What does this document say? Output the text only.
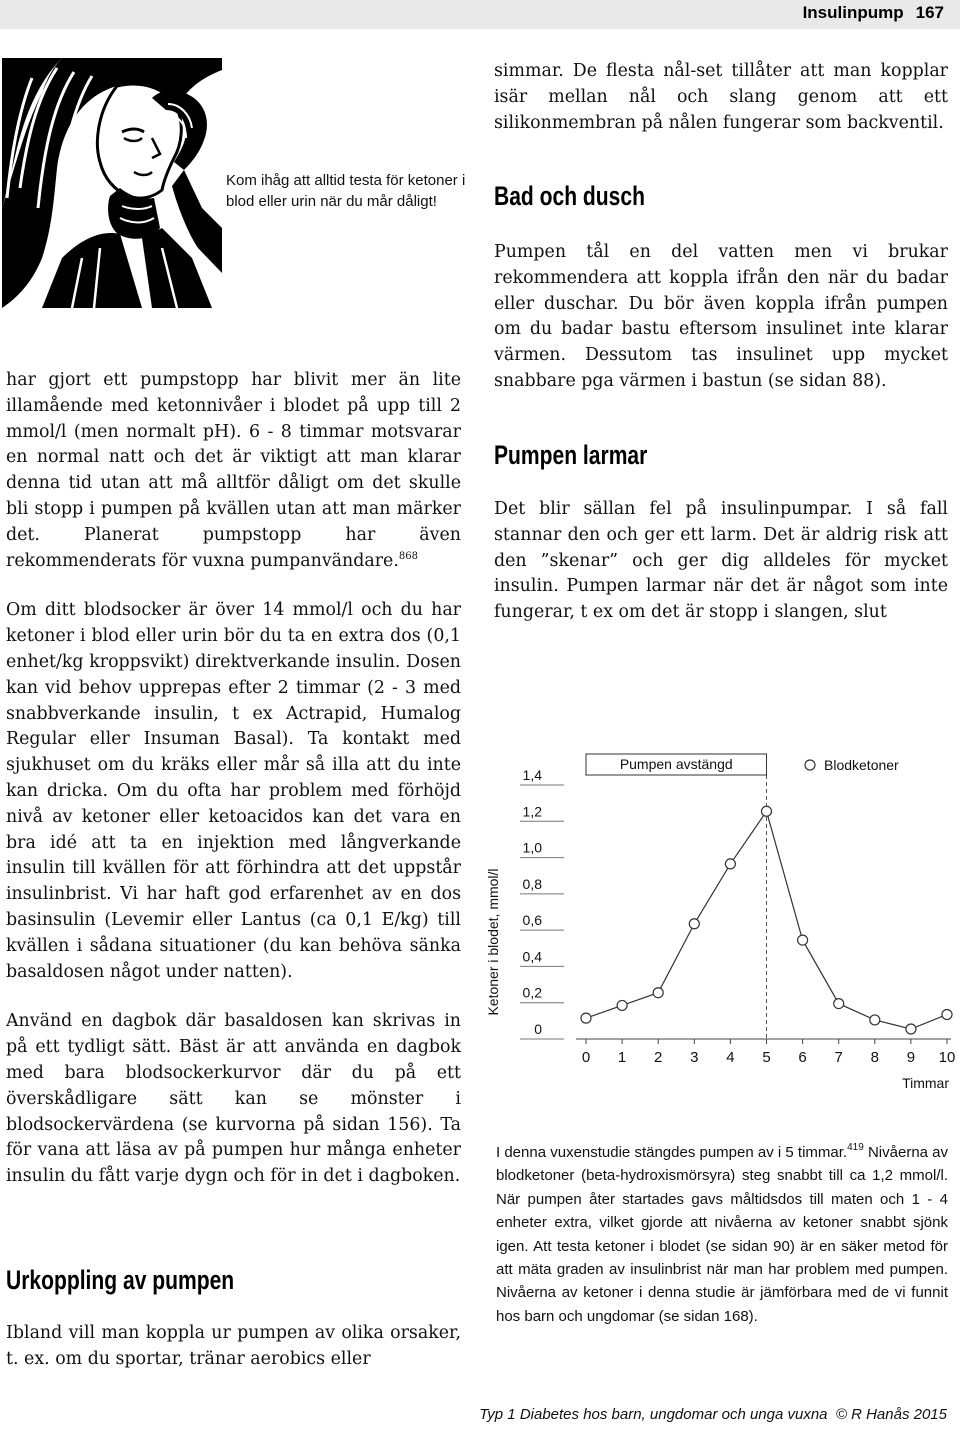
Insulinpump 167
Kom ihåg att alltid testa för ketoner i blod eller urin när du mår dåligt!

har gjort ett pumpstopp har blivit mer än lite illamående med ketonnivåer i blodet på upp till 2 mmol/l (men normalt pH). 6 - 8 timmar motsvarar en normal natt och det är viktigt att man klarar denna tid utan att må alltför dåligt om det skulle bli stopp i pumpen på kvällen utan att man märker det. Planerat pumpstopp har även rekommenderats för vuxna pumpanvändare.$^{868}$

Om ditt blodsocker är över 14 mmol/l och du har ketoner i blod eller urin bör du ta en extra dos (0,1 enhet/kg kroppsvikt) direktverkande insulin. Dosen kan vid behov upprepas efter 2 timmar (2 - 3 med snabbverkande insulin, t ex Actrapid, Humalog Regular eller Insuman Basal). Ta kontakt med sjukhuset om du kräks eller mår så illa att du inte kan dricka. Om du ofta har problem med förhöjd nivå av ketoner eller ketoacidos kan det vara en bra idé att ta en injektion med långverkande insulin till kvällen för att förhindra att det uppstår insulinbrist. Vi har haft god erfarenhet av en dos basinsulin (Levemir eller Lantus (ca 0,1 E/kg) till kvällen i sådana situationer (du kan behöva sänka basaldosen något under natten).

Använd en dagbok där basaldosen kan skrivas in på ett tydligt sätt. Bäst är att använda en dagbok med bara blodsockerkurvor där du på ett överskådligare sätt kan se mönster i blodsockervärdena (se kurvorna på sidan 156). Ta för vana att läsa av på pumpen hur många enheter insulin du fått varje dygn och för in det i dagboken.

Urkoppling av pumpen

Ibland vill man koppla ur pumpen av olika orsaker, t. ex. om du sportar, tränar aerobics eller

simmar. De flesta nål-set tillåter att man kopplar isär mellan nål och slang genom att ett silikonmembran på nålen fungerar som backventil.

Bad och dusch

Pumpen tål en del vatten men vi brukar rekommendera att koppla ifrån den när du badar eller duschar. Du bör även koppla ifrån pumpen om du badar bastu eftersom insulinet inte klarar värmen. Dessutom tas insulinet upp mycket snabbare pga värmen i bastun (se sidan 88).

Pumpen larmar

Det blir sällan fel på insulinpumpar. I så fall stannar den och ger ett larm. Det är aldrig risk att den ”skenar” och ger dig alldeles för mycket insulin. Pumpen larmar när det är något som inte fungerar, t ex om det är stopp i slangen, slut

Pumpen avstängd
0
0,2
0,4
0,6
0,8
1,0
1,2
1,4
0 1 2 3 4 5 6 7 8 9 10
Blodketoner
Timmar
Ketoner i blodet, mmol/l
I denna vuxenstudie stängdes pumpen av i 5 timmar.$^{419}$ Nivåerna av blodketoner (beta-hydroxismörsyra) steg snabbt till ca 1,2 mmol/l. När pumpen åter startades gavs måltidsdos till maten och 1 - 4 enheter extra, vilket gjorde att nivåerna av ketoner snabbt sjönk igen. Att testa ketoner i blodet (se sidan 90) är en säker metod för att mäta graden av insulinbrist när man har problem med pumpen. Nivåerna av ketoner i denna studie är jämförbara med de vi funnit hos barn och ungdomar (se sidan 168).
Typ 1 Diabetes hos barn, ungdomar och unga vuxna © R Hanås 2015
